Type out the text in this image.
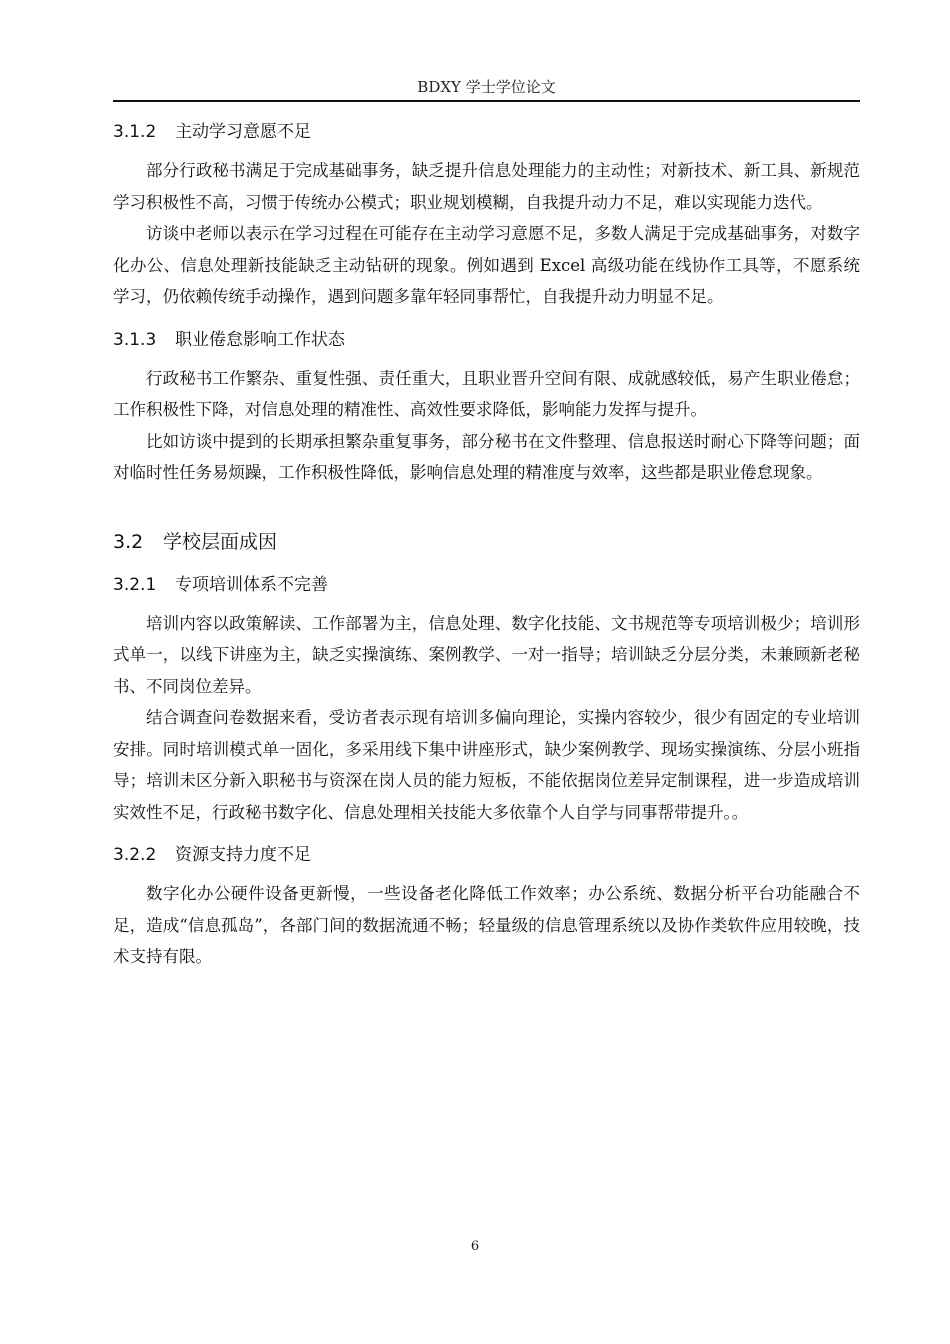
BDXY 学士学位论文
3.1.2 主动学习意愿不足

部分行政秘书满足于完成基础事务，缺乏提升信息处理能力的主动性；对新技术、新工具、新规范学习积极性不高，习惯于传统办公模式；职业规划模糊，自我提升动力不足，难以实现能力迭代。

访谈中老师以表示在学习过程在可能存在主动学习意愿不足，多数人满足于完成基础事务，对数字化办公、信息处理新技能缺乏主动钻研的现象。例如遇到 Excel 高级功能在线协作工具等，不愿系统学习，仍依赖传统手动操作，遇到问题多靠年轻同事帮忙，自我提升动力明显不足。

3.1.3 职业倦怠影响工作状态

行政秘书工作繁杂、重复性强、责任重大，且职业晋升空间有限、成就感较低，易产生职业倦怠；工作积极性下降，对信息处理的精准性、高效性要求降低，影响能力发挥与提升。

比如访谈中提到的长期承担繁杂重复事务，部分秘书在文件整理、信息报送时耐心下降等问题；面对临时性任务易烦躁，工作积极性降低，影响信息处理的精准度与效率，这些都是职业倦怠现象。

3.2 学校层面成因
3.2.1 专项培训体系不完善

培训内容以政策解读、工作部署为主，信息处理、数字化技能、文书规范等专项培训极少；培训形式单一，以线下讲座为主，缺乏实操演练、案例教学、一对一指导；培训缺乏分层分类，未兼顾新老秘书、不同岗位差异。

结合调查问卷数据来看，受访者表示现有培训多偏向理论，实操内容较少，很少有固定的专业培训安排。同时培训模式单一固化，多采用线下集中讲座形式，缺少案例教学、现场实操演练、分层小班指导；培训未区分新入职秘书与资深在岗人员的能力短板，不能依据岗位差异定制课程，进一步造成培训实效性不足，行政秘书数字化、信息处理相关技能大多依靠个人自学与同事帮带提升。。

3.2.2 资源支持力度不足

数字化办公硬件设备更新慢，一些设备老化降低工作效率；办公系统、数据分析平台功能融合不足，造成“信息孤岛”，各部门间的数据流通不畅；轻量级的信息管理系统以及协作类软件应用较晚，技术支持有限。

6
